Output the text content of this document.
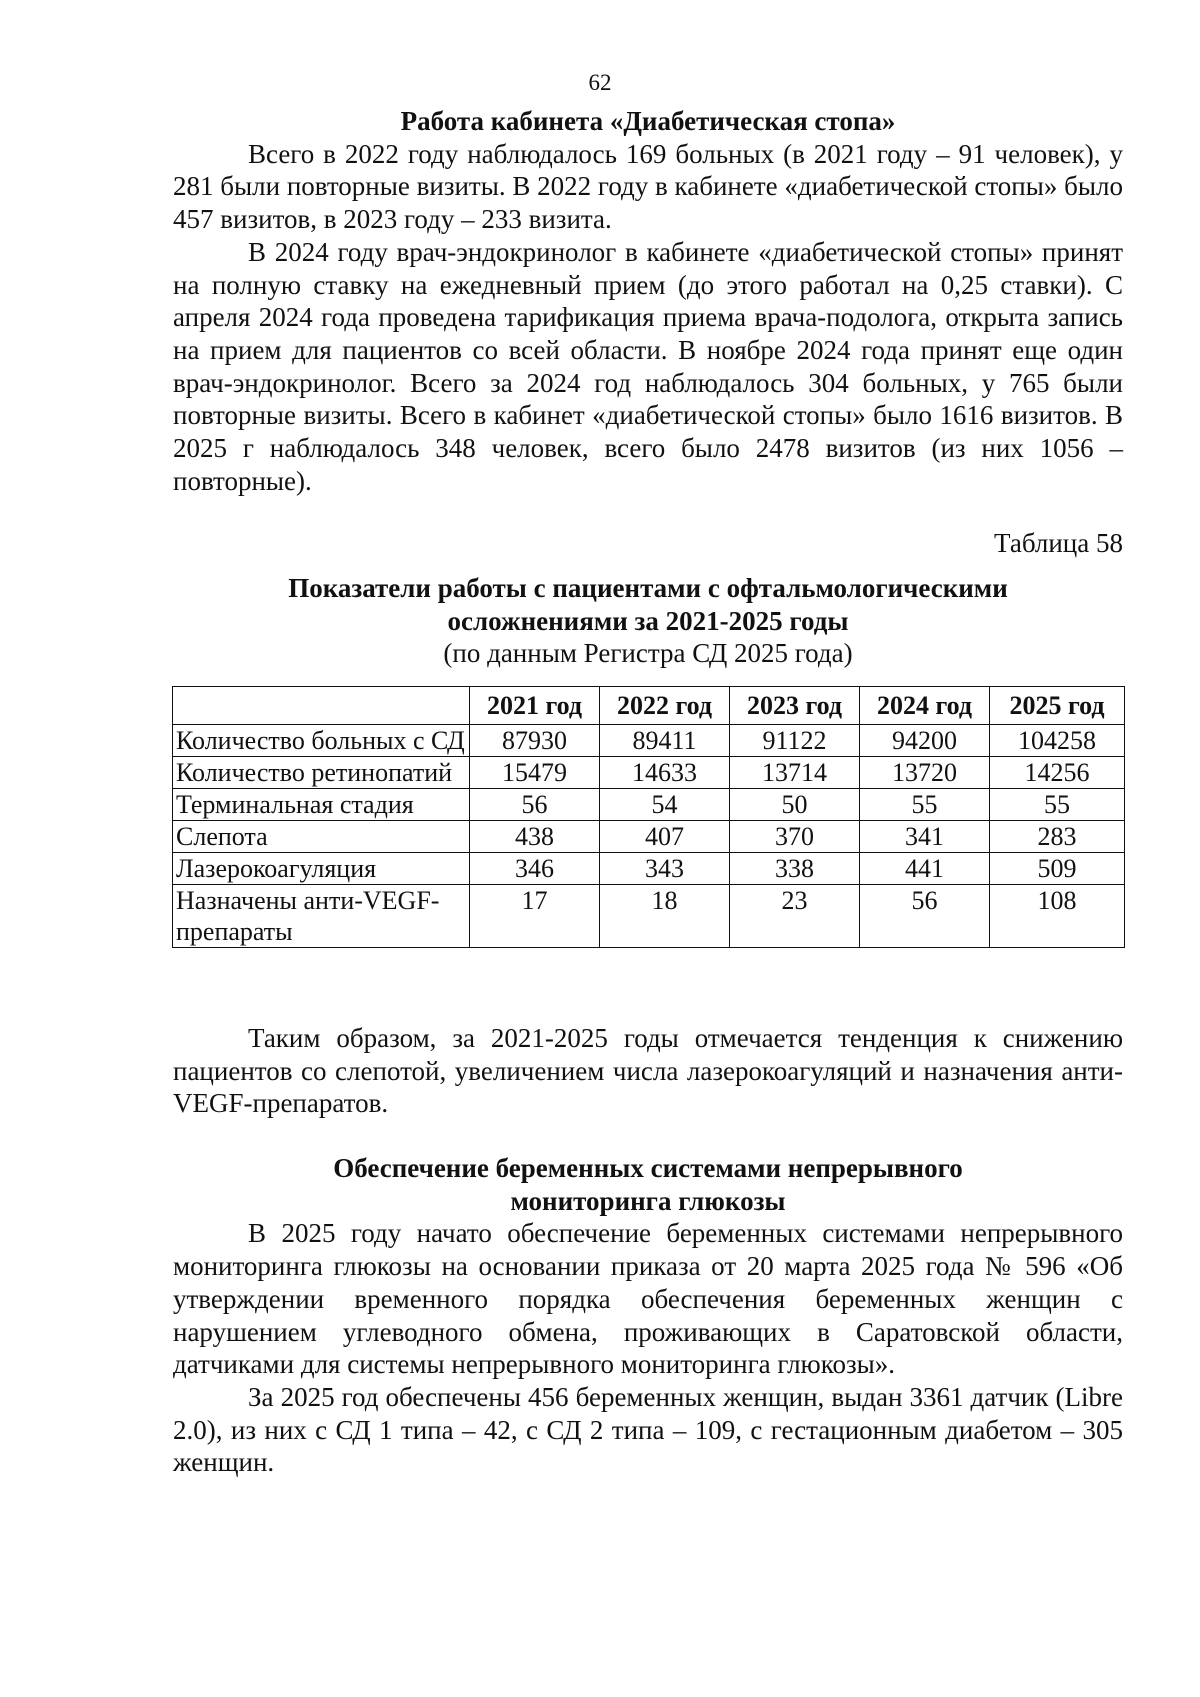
62
Работа кабинета «Диабетическая стопа»

Всего в 2022 году наблюдалось 169 больных (в 2021 году – 91 человек), у 281 были повторные визиты. В 2022 году в кабинете «диабетической стопы» было 457 визитов, в 2023 году – 233 визита.

В 2024 году врач-эндокринолог в кабинете «диабетической стопы» принят на полную ставку на ежедневный прием (до этого работал на 0,25 ставки). С апреля 2024 года проведена тарификация приема врача-подолога, открыта запись на прием для пациентов со всей области. В ноябре 2024 года принят еще один врач-эндокринолог. Всего за 2024 год наблюдалось 304 больных, у 765 были повторные визиты. Всего в кабинет «диабетической стопы» было 1616 визитов. В 2025 г наблюдалось 348 человек, всего было 2478 визитов (из них 1056 – повторные).

Таблица 58
Показатели работы с пациентами с офтальмологическими
осложнениями за 2021-2025 годы
(по данным Регистра СД 2025 года)
	2021 год	2022 год	2023 год	2024 год	2025 год
Количество больных с СД	87930	89411	91122	94200	104258
Количество ретинопатий	15479	14633	13714	13720	14256
Терминальная стадия	56	54	50	55	55
Слепота	438	407	370	341	283
Лазерокоагуляция	346	343	338	441	509
Назначены анти-VEGF-препараты	17	18	23	56	108

Таким образом, за 2021-2025 годы отмечается тенденция к снижению пациентов со слепотой, увеличением числа лазерокоагуляций и назначения анти-VEGF-препаратов.

Обеспечение беременных системами непрерывного
мониторинга глюкозы

В 2025 году начато обеспечение беременных системами непрерывного мониторинга глюкозы на основании приказа от 20 марта 2025 года № 596 «Об утверждении временного порядка обеспечения беременных женщин с нарушением углеводного обмена, проживающих в Саратовской области, датчиками для системы непрерывного мониторинга глюкозы».

За 2025 год обеспечены 456 беременных женщин, выдан 3361 датчик (Libre 2.0), из них с СД 1 типа – 42, с СД 2 типа – 109, с гестационным диабетом – 305 женщин.
